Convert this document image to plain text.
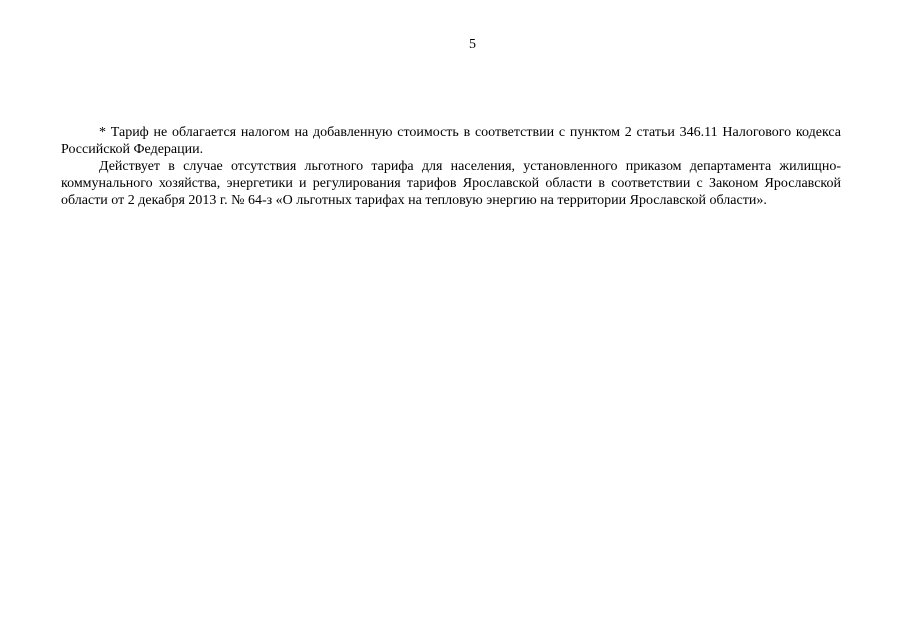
5

* Тариф не облагается налогом на добавленную стоимость в соответствии с пунктом 2 статьи 346.11 Налогового кодекса Российской Федерации.

Действует в случае отсутствия льготного тарифа для населения, установленного приказом департамента жилищно-коммунального хозяйства, энергетики и регулирования тарифов Ярославской области в соответствии с Законом Ярославской области от 2 декабря 2013 г. № 64-з «О льготных тарифах на тепловую энергию на территории Ярославской области».
